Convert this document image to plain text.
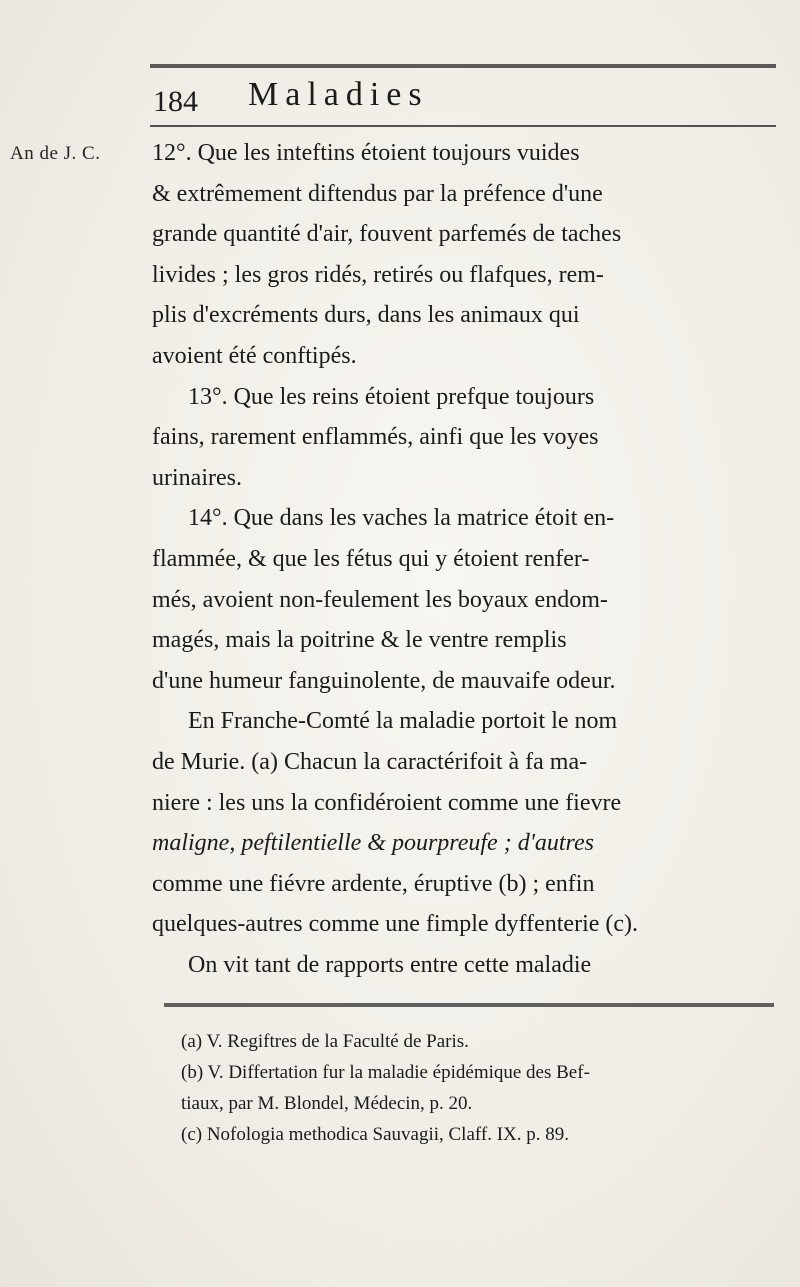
An de J. C.
184 Maladies
12°. Que les inteftins étoient toujours vuides
& extrêmement diftendus par la préfence d'une
grande quantité d'air, fouvent parfemés de taches
livides ; les gros ridés, retirés ou flafques, rem-
plis d'excréments durs, dans les animaux qui
avoient été conftipés.
13°. Que les reins étoient prefque toujours
fains, rarement enflammés, ainfi que les voyes
urinaires.
14°. Que dans les vaches la matrice étoit en-
flammée, & que les fétus qui y étoient renfer-
més, avoient non-feulement les boyaux endom-
magés, mais la poitrine & le ventre remplis
d'une humeur fanguinolente, de mauvaife odeur.
En Franche-Comté la maladie portoit le nom
de Murie. (a) Chacun la caractérifoit à fa ma-
niere : les uns la confidéroient comme une fievre
maligne, peftilentielle & pourpreufe ; d'autres
comme une fiévre ardente, éruptive (b) ; enfin
quelques-autres comme une fimple dyffenterie (c).
On vit tant de rapports entre cette maladie
(a) V. Regiftres de la Faculté de Paris.
(b) V. Differtation fur la maladie épidémique des Bef-
tiaux, par M. Blondel, Médecin, p. 20.
(c) Nofologia methodica Sauvagii, Claff. IX. p. 89.
